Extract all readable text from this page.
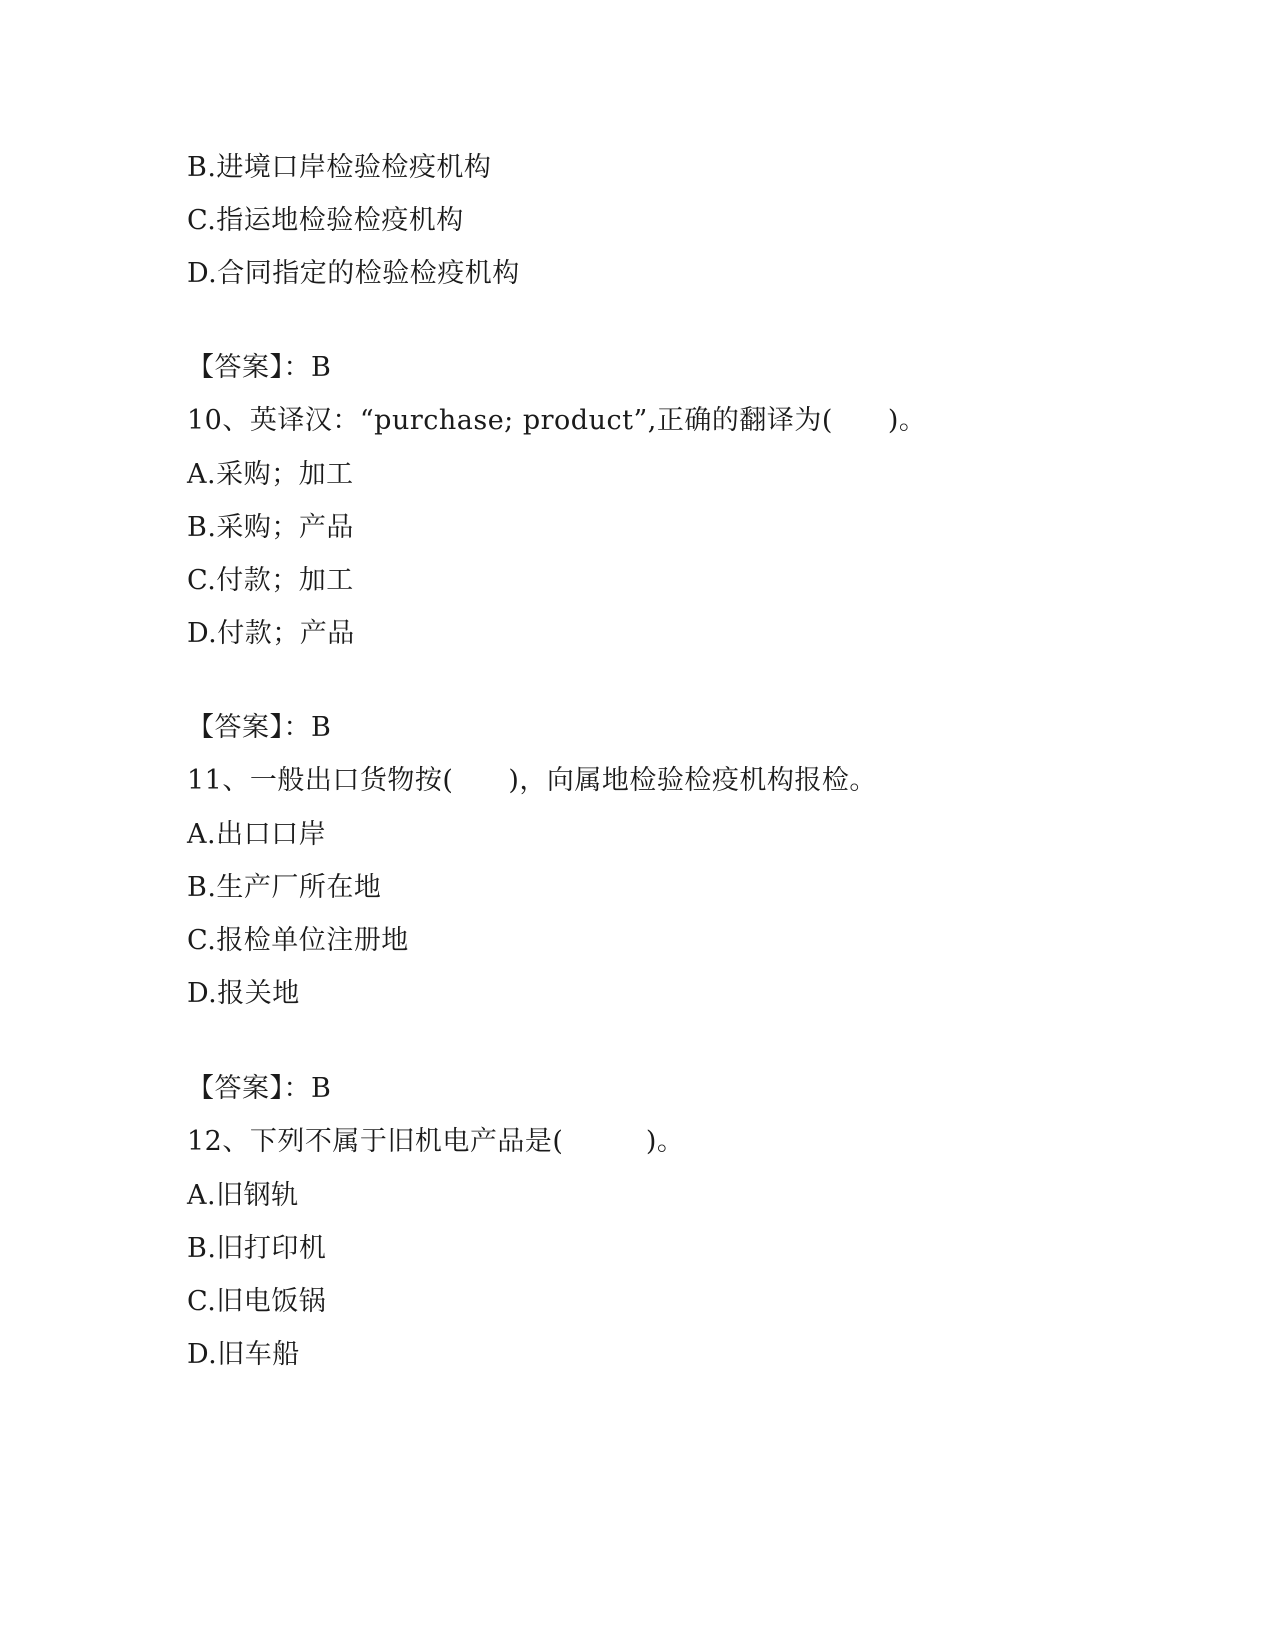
B.进境口岸检验检疫机构
C.指运地检验检疫机构
D.合同指定的检验检疫机构
【答案】：B
10、英译汉：“purchase; product”,正确的翻译为(　　)。
A.采购；加工
B.采购；产品
C.付款；加工
D.付款；产品
【答案】：B
11、一般出口货物按(　　)，向属地检验检疫机构报检。
A.出口口岸
B.生产厂所在地
C.报检单位注册地
D.报关地
【答案】：B
12、下列不属于旧机电产品是(　　　)。
A.旧钢轨
B.旧打印机
C.旧电饭锅
D.旧车船
